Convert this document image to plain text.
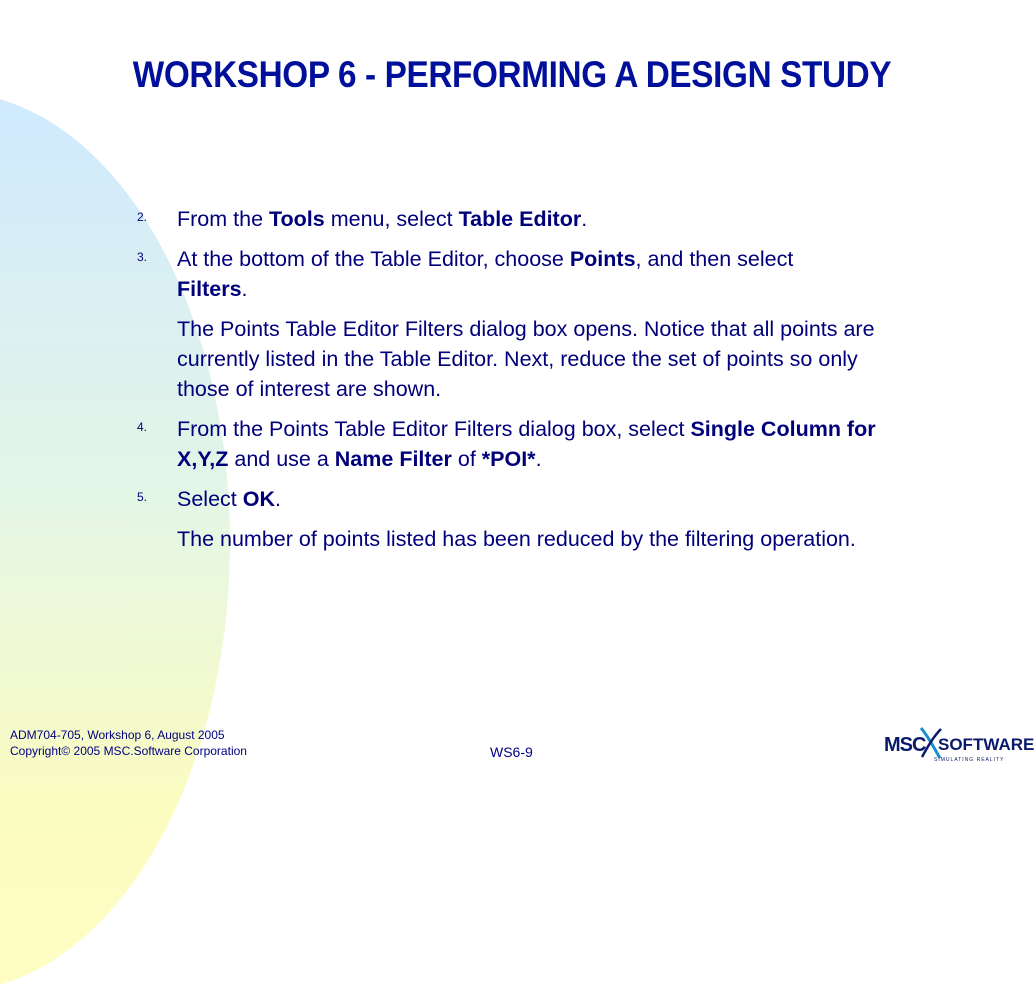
WORKSHOP 6 - PERFORMING A DESIGN STUDY
2. From the Tools menu, select Table Editor.
3. At the bottom of the Table Editor, choose Points, and then select
Filters.
The Points Table Editor Filters dialog box opens. Notice that all points are currently listed in the Table Editor. Next, reduce the set of points so only those of interest are shown.
4. From the Points Table Editor Filters dialog box, select Single Column for X,Y,Z and use a Name Filter of *POI*.
5. Select OK.
The number of points listed has been reduced by the filtering operation.
ADM704-705, Workshop 6, August 2005
Copyright© 2005 MSC.Software Corporation	WS6-9	MSC SOFTWARE
SIMULATING REALITY
